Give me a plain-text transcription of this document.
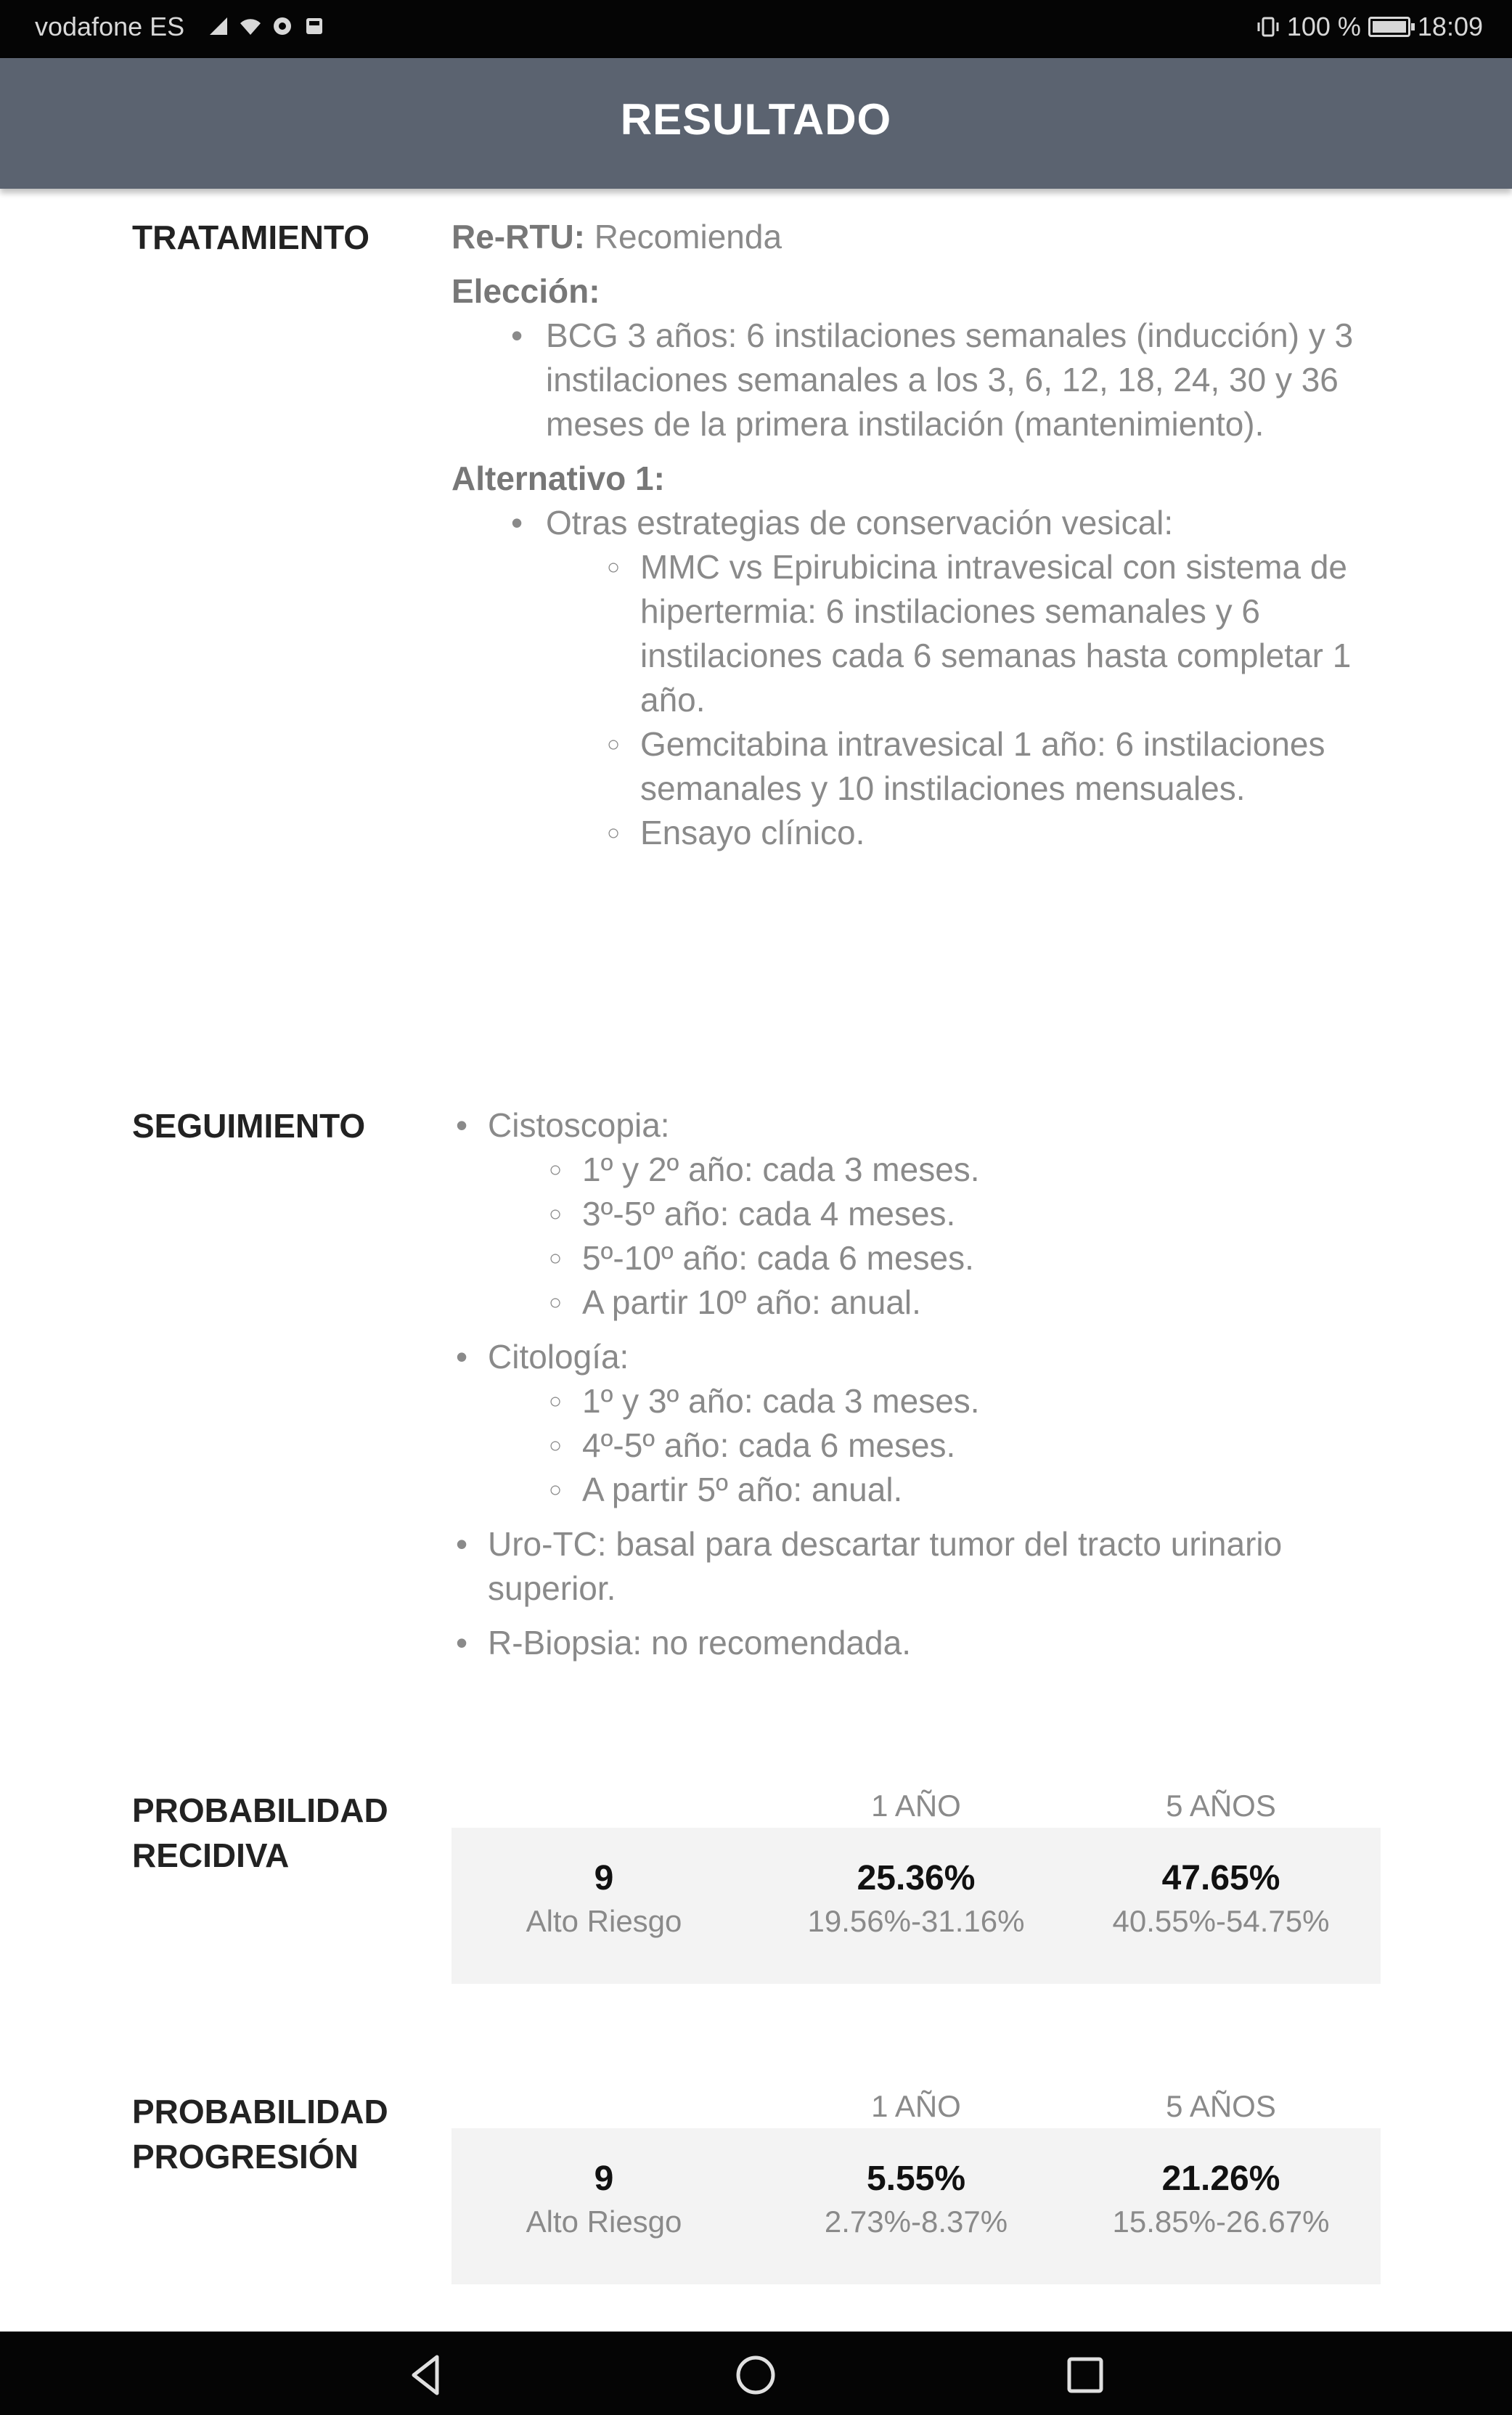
vodafone ES	100 % 18:09
RESULTADO
TRATAMIENTO Re-RTU: Recomienda

Elección:

• BCG 3 años: 6 instilaciones semanales (inducción) y 3 instilaciones semanales a los 3, 6, 12, 18, 24, 30 y 36 meses de la primera instilación (mantenimiento).

Alternativo 1:

• Otras estrategias de conservación vesical:
○ MMC vs Epirubicina intravesical con sistema de hipertermia: 6 instilaciones semanales y 6 instilaciones cada 6 semanas hasta completar 1 año.
○ Gemcitabina intravesical 1 año: 6 instilaciones semanales y 10 instilaciones mensuales.
○ Ensayo clínico.
SEGUIMIENTO
•	Cistoscopia:
○ 1º y 2º año: cada 3 meses.
○ 3º-5º año: cada 4 meses.
○ 5º-10º año: cada 6 meses.
○ A partir 10º año: anual.
• Citología:
○ 1º y 3º año: cada 3 meses.
○ 4º-5º año: cada 6 meses.
○ A partir 5º año: anual.
• Uro-TC: basal para descartar tumor del tracto urinario superior.
• R-Biopsia: no recomendada.
PROBABILIDAD
RECIDIVA
1 AÑO	5 AÑOS
9
Alto Riesgo
25.36%
19.56%-31.16%
47.65%
40.55%-54.75%
PROBABILIDAD
PROGRESIÓN
1 AÑO	5 AÑOS
9
Alto Riesgo
5.55%
2.73%-8.37%
21.26%
15.85%-26.67%
